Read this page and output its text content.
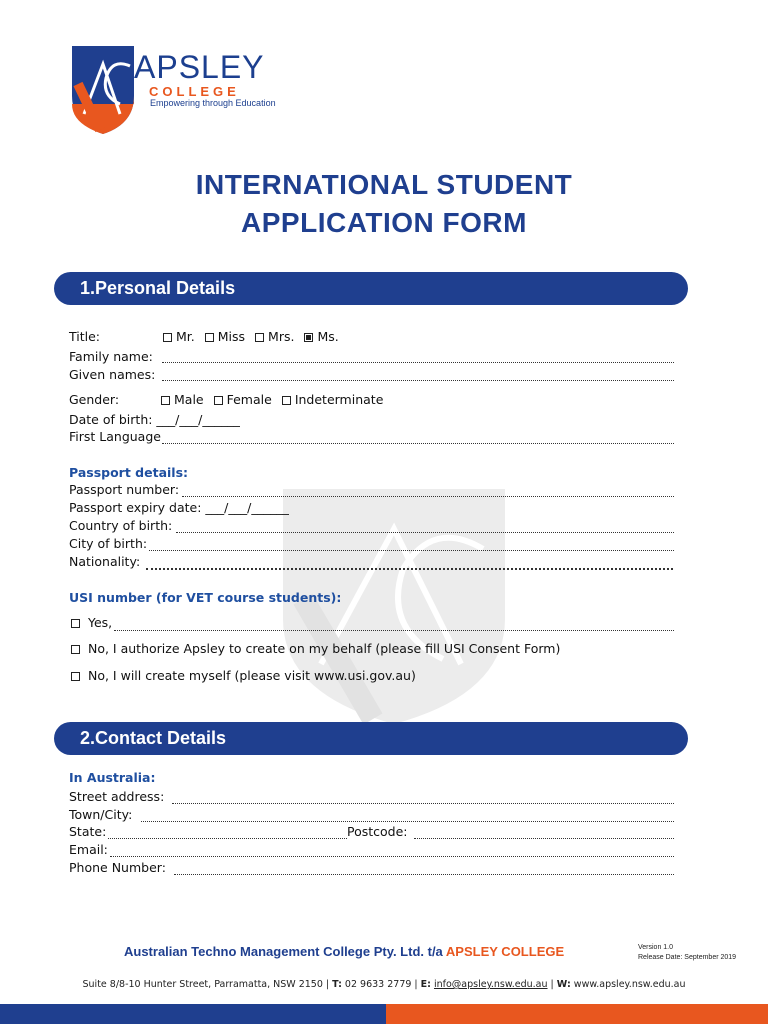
APSLEY
COLLEGE
Empowering through Education
INTERNATIONAL STUDENT
APPLICATION FORM
1.Personal Details
Title:	Mr. Miss Mrs. Ms.
Family name:
Given names:
Gender:	Male Female Indeterminate
Date of birth: ___/___/______
First Language
Passport details:
Passport number:
Passport expiry date: ___/___/______
Country of birth:
City of birth:
Nationality:
USI number (for VET course students):
Yes,
No, I authorize Apsley to create on my behalf (please fill USI Consent Form)
No, I will create myself (please visit www.usi.gov.au)
2.Contact Details
In Australia:
Street address:
Town/City:
State:	Postcode:
Email:
Phone Number:
Australian Techno Management College Pty. Ltd. t/a APSLEY COLLEGE	Version 1.0
Release Date: September 2019
Suite 8/8-10 Hunter Street, Parramatta, NSW 2150 | T: 02 9633 2779 | E: info@apsley.nsw.edu.au | W: www.apsley.nsw.edu.au
